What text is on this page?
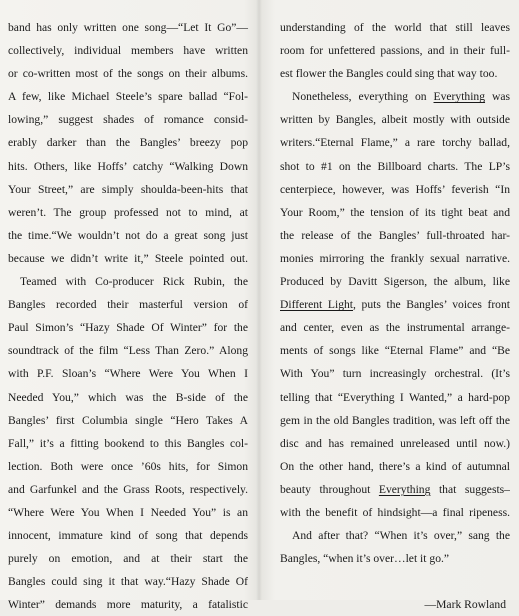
band has only written one song—“Let It Go”—
collectively, individual members have written
or co-written most of the songs on their albums.
A few, like Michael Steele’s spare ballad “Fol-
lowing,” suggest shades of romance consid-
erably darker than the Bangles’ breezy pop
hits. Others, like Hoffs’ catchy “Walking Down
Your Street,” are simply shoulda-been-hits that
weren’t. The group professed not to mind, at
the time.“We wouldn’t not do a great song just
because we didn’t write it,” Steele pointed out.
Teamed with Co-producer Rick Rubin, the
Bangles recorded their masterful version of
Paul Simon’s “Hazy Shade Of Winter” for the
soundtrack of the film “Less Than Zero.” Along
with P.F. Sloan’s “Where Were You When I
Needed You,” which was the B-side of the
Bangles’ first Columbia single “Hero Takes A
Fall,” it’s a fitting bookend to this Bangles col-
lection. Both were once ’60s hits, for Simon
and Garfunkel and the Grass Roots, respectively.
“Where Were You When I Needed You” is an
innocent, immature kind of song that depends
purely on emotion, and at their start the
Bangles could sing it that way.“Hazy Shade Of
Winter” demands more maturity, a fatalistic
understanding of the world that still leaves
room for unfettered passions, and in their full-
est flower the Bangles could sing that way too.
Nonetheless, everything on Everything was
written by Bangles, albeit mostly with outside
writers.“Eternal Flame,” a rare torchy ballad,
shot to #1 on the Billboard charts. The LP’s
centerpiece, however, was Hoffs’ feverish “In
Your Room,” the tension of its tight beat and
the release of the Bangles’ full-throated har-
monies mirroring the frankly sexual narrative.
Produced by Davitt Sigerson, the album, like
Different Light, puts the Bangles’ voices front
and center, even as the instrumental arrange-
ments of songs like “Eternal Flame” and “Be
With You” turn increasingly orchestral. (It’s
telling that “Everything I Wanted,” a hard-pop
gem in the old Bangles tradition, was left off the
disc and has remained unreleased until now.)
On the other hand, there’s a kind of autumnal
beauty throughout Everything that suggests–
with the benefit of hindsight—a final ripeness.
And after that? “When it’s over,” sang the
Bangles, “when it’s over…let it go.”
—Mark Rowland
